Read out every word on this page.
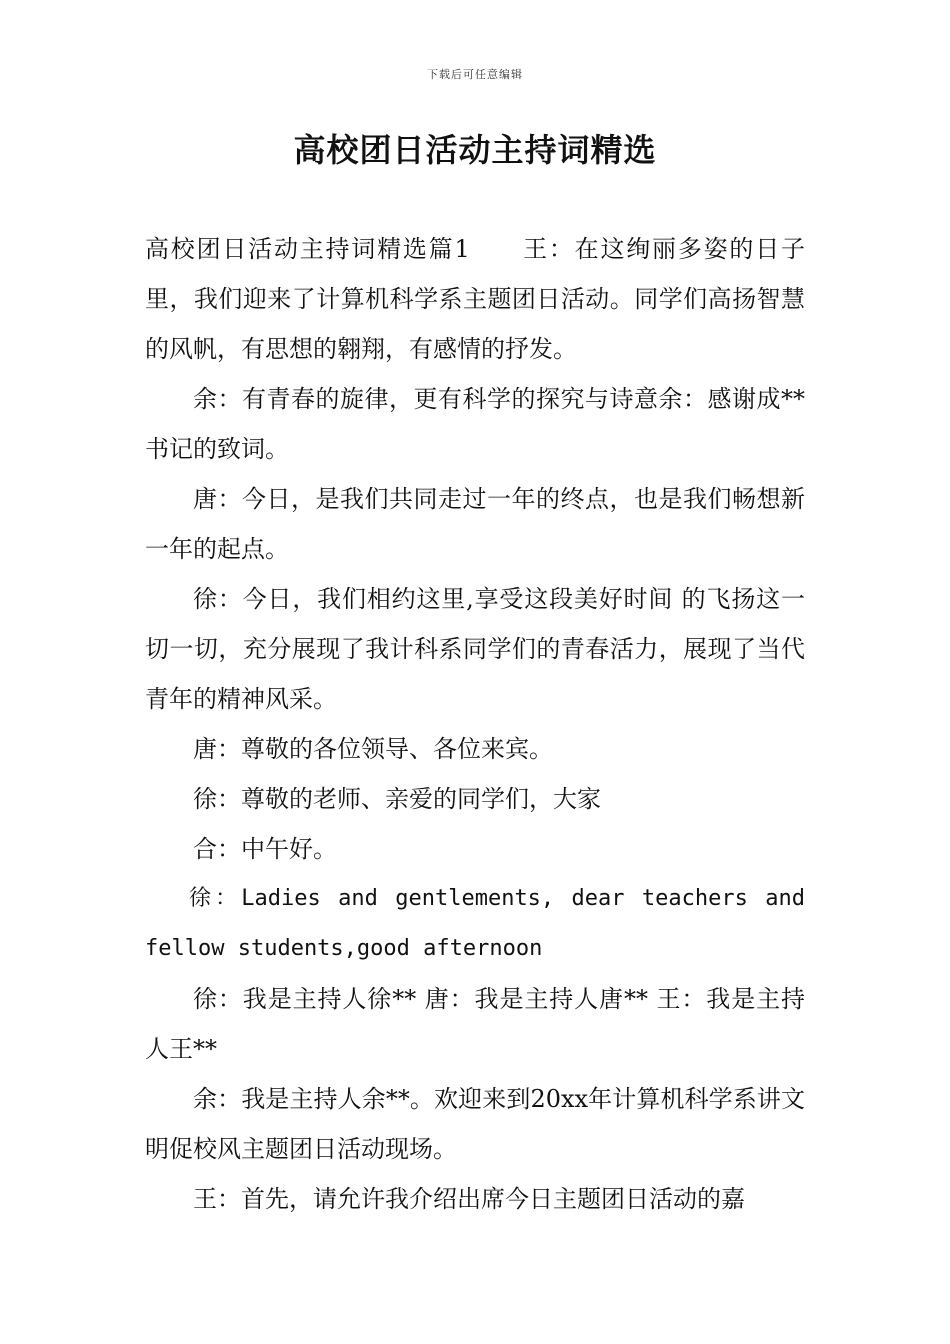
下载后可任意编辑
高校团日活动主持词精选

高校团日活动主持词精选篇1　　王：在这绚丽多姿的日子里，我们迎来了计算机科学系主题团日活动。同学们高扬智慧的风帆，有思想的翱翔，有感情的抒发。

余：有青春的旋律，更有科学的探究与诗意余：感谢成**书记的致词。

唐：今日，是我们共同走过一年的终点，也是我们畅想新一年的起点。

徐：今日，我们相约这里,享受这段美好时间 的飞扬这一切一切，充分展现了我计科系同学们的青春活力，展现了当代青年的精神风采。

唐：尊敬的各位领导、各位来宾。

徐：尊敬的老师、亲爱的同学们，大家

合：中午好。

徐：Ladies and gentlements, dear teachers and fellow students,good afternoon

徐：我是主持人徐** 唐：我是主持人唐** 王：我是主持人王**

余：我是主持人余**。欢迎来到20xx年计算机科学系讲文明促校风主题团日活动现场。

王：首先，请允许我介绍出席今日主题团日活动的嘉
